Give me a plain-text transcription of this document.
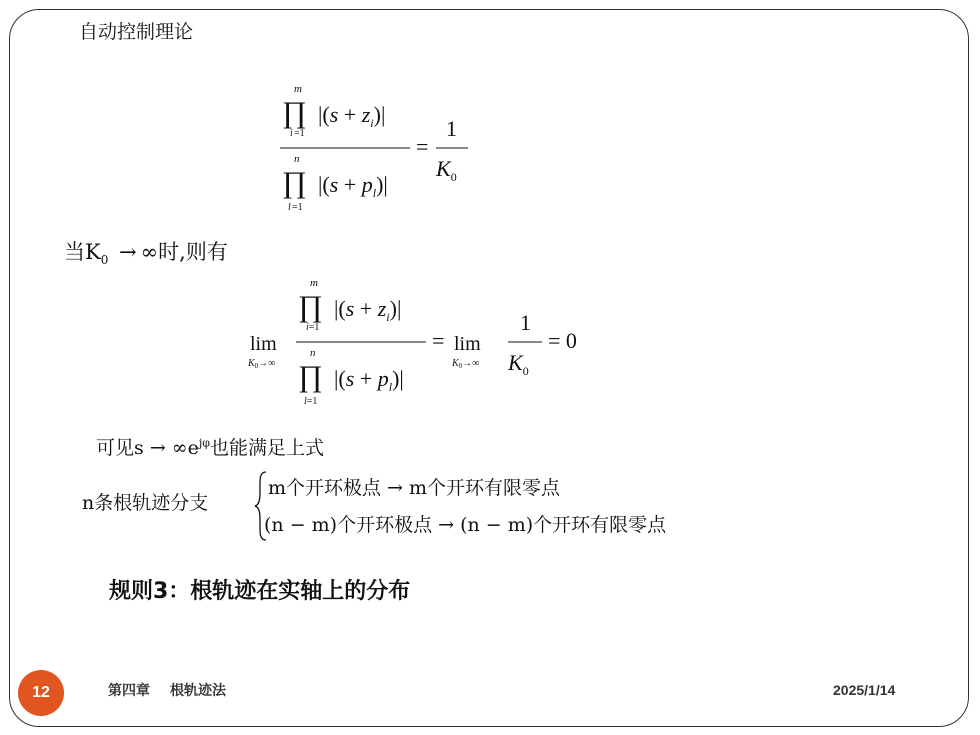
自动控制理论
m
∏
i =1
$|(s + z_i)|$
n
∏
l =1
$|(s + p_l)|$
=
1
$K_0$
当$K_0$ → ∞时,则有
lim
$K_0\to\infty$
m
∏
i=1
$|(s + z_i)|$
n
∏
l=1
$|(s + p_l)|$
= lim
$K_0\to\infty$
1
$K_0$
= 0
可见$s \to \infty e^{j\varphi}$也能满足上式
n条根轨迹分支
m个开环极点 → m个开环有限零点
(n − m)个开环极点 → (n − m)个开环有限零点
规则3：根轨迹在实轴上的分布
12	第四章 根轨迹法	2025/1/14
